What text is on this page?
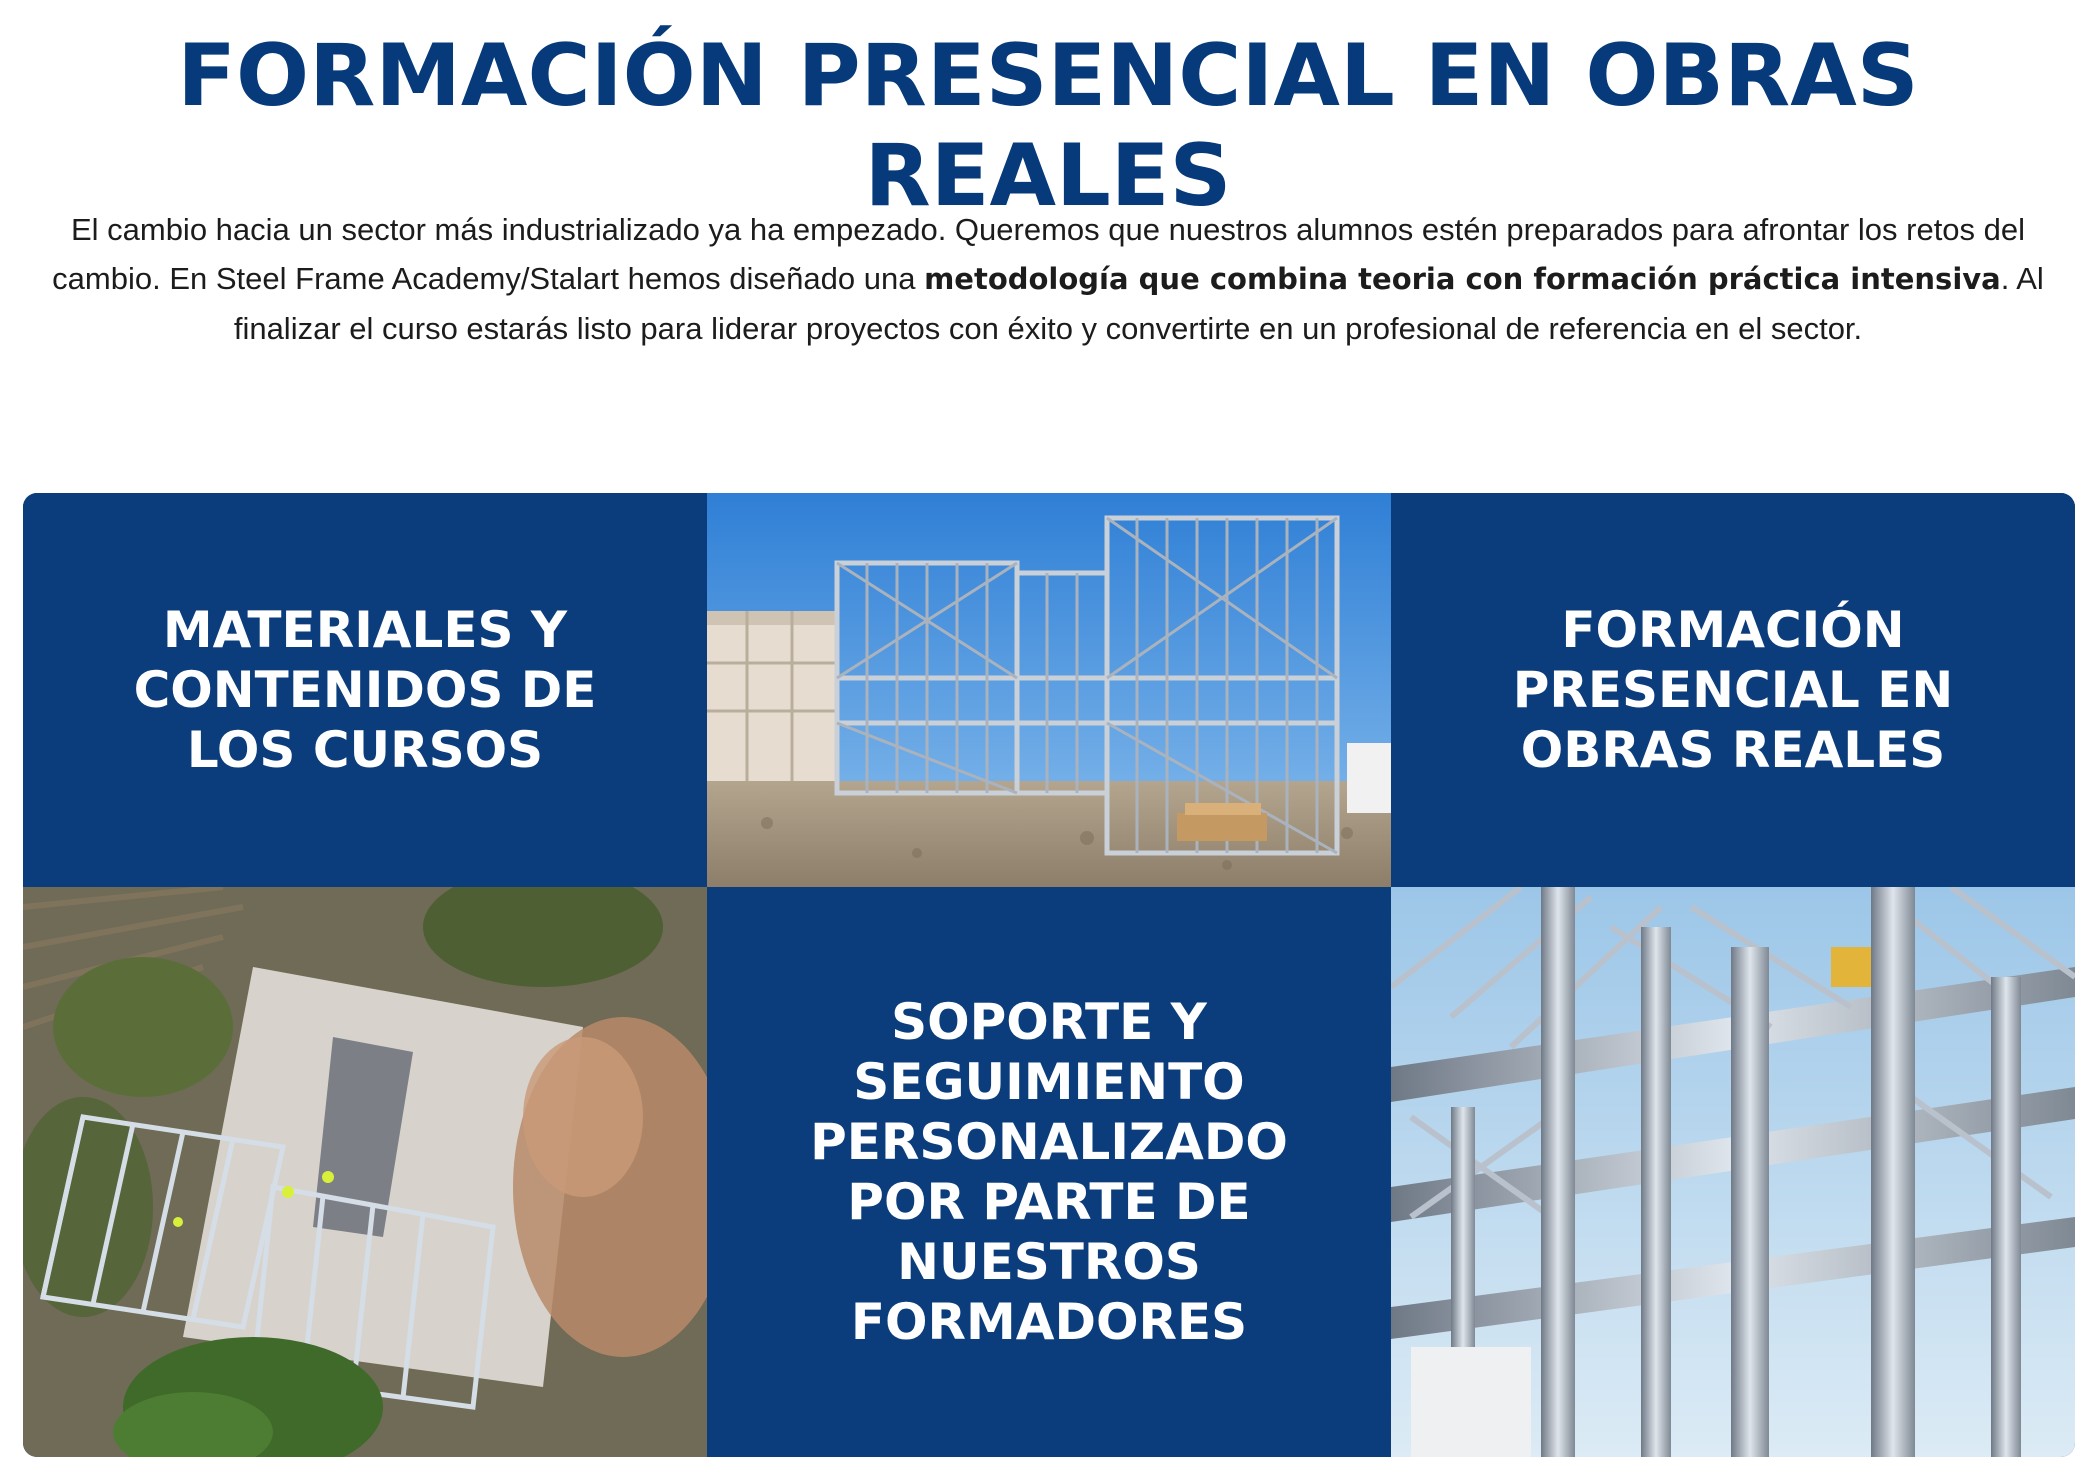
FORMACIÓN PRESENCIAL EN OBRAS REALES

El cambio hacia un sector más industrializado ya ha empezado. Queremos que nuestros alumnos estén preparados para afrontar los retos del cambio. En Steel Frame Academy/Stalart hemos diseñado una metodología que combina teoria con formación práctica intensiva. Al finalizar el curso estarás listo para liderar proyectos con éxito y convertirte en un profesional de referencia en el sector.

MATERIALES Y CONTENIDOS DE LOS CURSOS

FORMACIÓN PRESENCIAL EN OBRAS REALES

SOPORTE Y SEGUIMIENTO PERSONALIZADO POR PARTE DE NUESTROS FORMADORES
